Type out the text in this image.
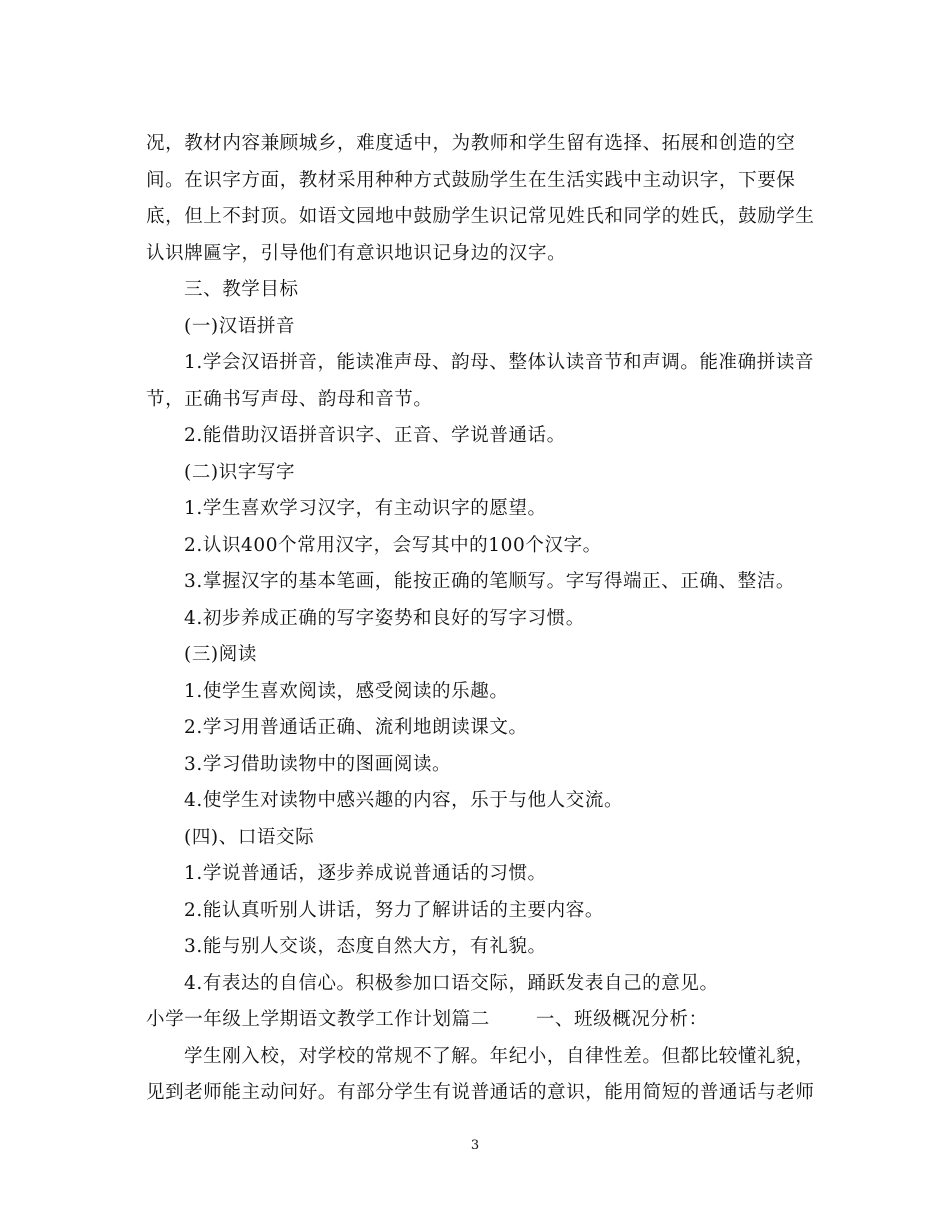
况，教材内容兼顾城乡，难度适中，为教师和学生留有选择、拓展和创造的空
间。在识字方面，教材采用种种方式鼓励学生在生活实践中主动识字，下要保
底，但上不封顶。如语文园地中鼓励学生识记常见姓氏和同学的姓氏，鼓励学生
认识牌匾字，引导他们有意识地识记身边的汉字。
三、教学目标
(一)汉语拼音
1.学会汉语拼音，能读准声母、韵母、整体认读音节和声调。能准确拼读音
节，正确书写声母、韵母和音节。
2.能借助汉语拼音识字、正音、学说普通话。
(二)识字写字
1.学生喜欢学习汉字，有主动识字的愿望。
2.认识400个常用汉字，会写其中的100个汉字。
3.掌握汉字的基本笔画，能按正确的笔顺写。字写得端正、正确、整洁。
4.初步养成正确的写字姿势和良好的写字习惯。
(三)阅读
1.使学生喜欢阅读，感受阅读的乐趣。
2.学习用普通话正确、流利地朗读课文。
3.学习借助读物中的图画阅读。
4.使学生对读物中感兴趣的内容，乐于与他人交流。
(四)、口语交际
1.学说普通话，逐步养成说普通话的习惯。
2.能认真听别人讲话，努力了解讲话的主要内容。
3.能与别人交谈，态度自然大方，有礼貌。
4.有表达的自信心。积极参加口语交际，踊跃发表自己的意见。
小学一年级上学期语文教学工作计划篇二 一、班级概况分析：
学生刚入校，对学校的常规不了解。年纪小，自律性差。但都比较懂礼貌，
见到老师能主动问好。有部分学生有说普通话的意识，能用简短的普通话与老师
3
